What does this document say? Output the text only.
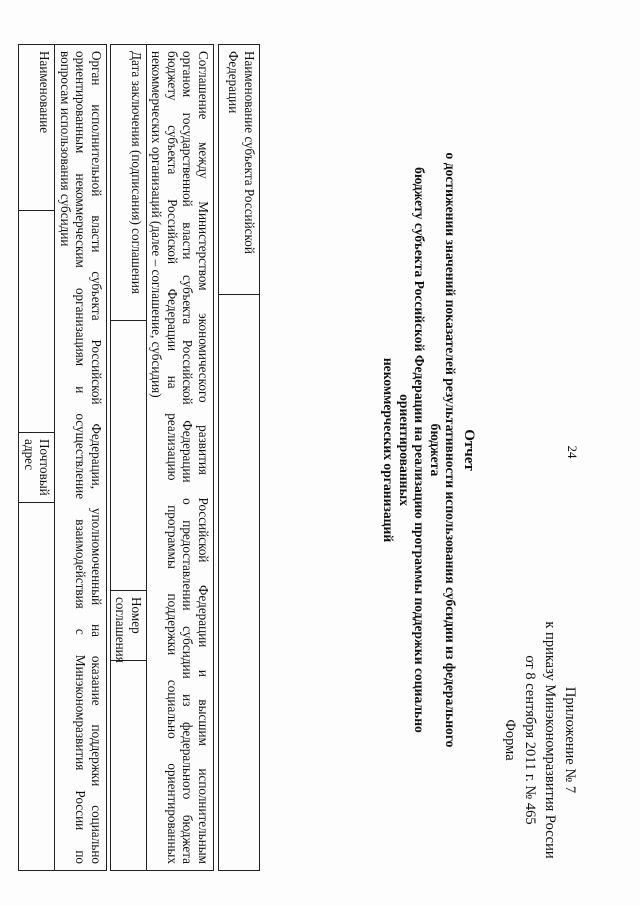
24
Приложение № 7
к приказу Минэкономразвития России
от 8 сентября 2011 г. № 465
Форма
Отчет
о достижении значений показателей результативности использования субсидии из федерального бюджета
бюджету субъекта Российской Федерации на реализацию программы поддержки социально ориентированных
некоммерческих организаций
Наименование субъекта Российской Федерации	
Соглашение между Министерством экономического развития Российской Федерации и высшим исполнительным
органом государственной власти субъекта Российской Федерации о предоставлении субсидии из федерального бюджета
бюджету субъекта Российской Федерации на реализацию программы поддержки социально ориентированных
некоммерческих организаций (далее – соглашение, субсидия)

Дата заключения (подписания) соглашения		Номер соглашения	
Орган исполнительной власти субъекта Российской Федерации, уполномоченный на оказание поддержки социально
ориентированным некоммерческим организациям и осуществление взаимодействия с Минэкономразвития России по
вопросам использования субсидии

Наименование		Почтовый адрес	
